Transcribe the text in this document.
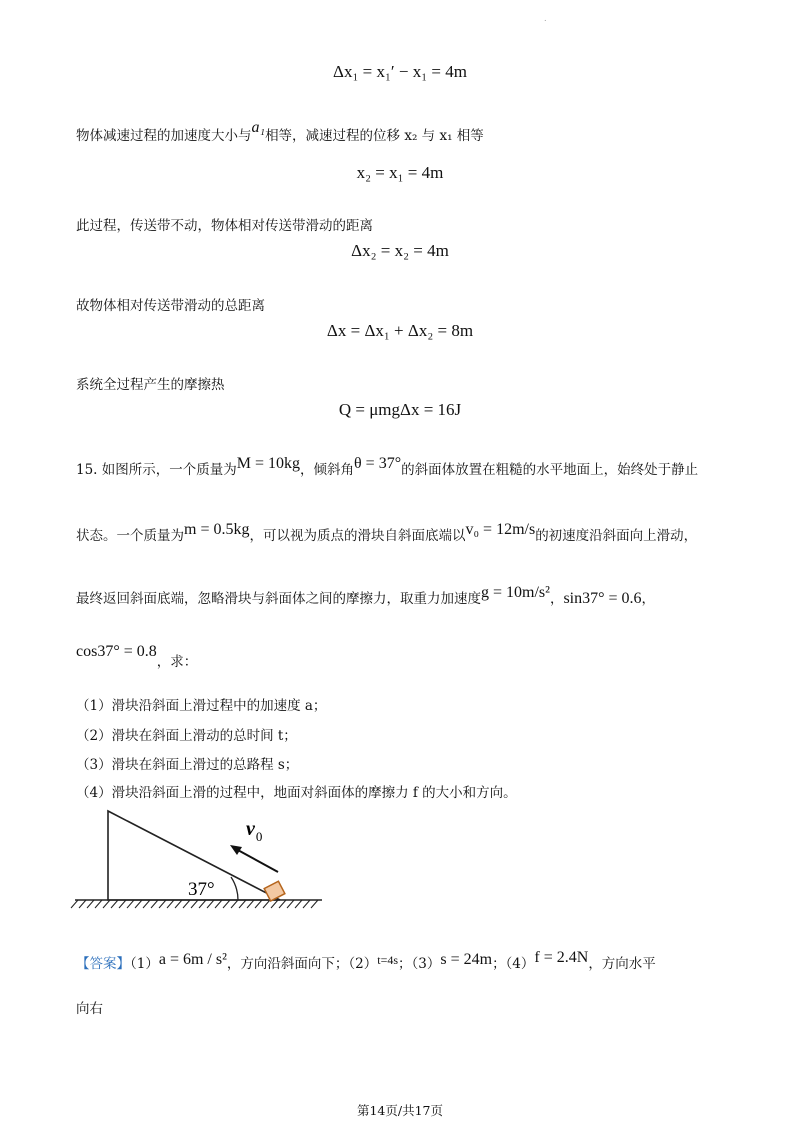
.
Δx₁ = x₁′ − x₁ = 4m
物体减速过程的加速度大小与a₁相等，减速过程的位移 x₂ 与 x₁ 相等
x₂ = x₁ = 4m
此过程，传送带不动，物体相对传送带滑动的距离
Δx₂ = x₂ = 4m
故物体相对传送带滑动的总距离
Δx = Δx₁ + Δx₂ = 8m
系统全过程产生的摩擦热
Q = μmgΔx = 16J
15. 如图所示，一个质量为M = 10kg，倾斜角θ = 37°的斜面体放置在粗糙的水平地面上，始终处于静止
状态。一个质量为m = 0.5kg，可以视为质点的滑块自斜面底端以v₀ = 12m/s的初速度沿斜面向上滑动，
最终返回斜面底端，忽略滑块与斜面体之间的摩擦力，取重力加速度g = 10m/s²，sin37° = 0.6，
cos37° = 0.8，求：
（1）滑块沿斜面上滑过程中的加速度 a；
（2）滑块在斜面上滑动的总时间 t；
（3）滑块在斜面上滑过的总路程 s；
（4）滑块沿斜面上滑的过程中，地面对斜面体的摩擦力 f 的大小和方向。
37°
$v_0$
【答案】（1）a = 6m / s²，方向沿斜面向下；（2）t=4s；（3）s = 24m；（4）f = 2.4N，方向水平
向右
第14页/共17页
